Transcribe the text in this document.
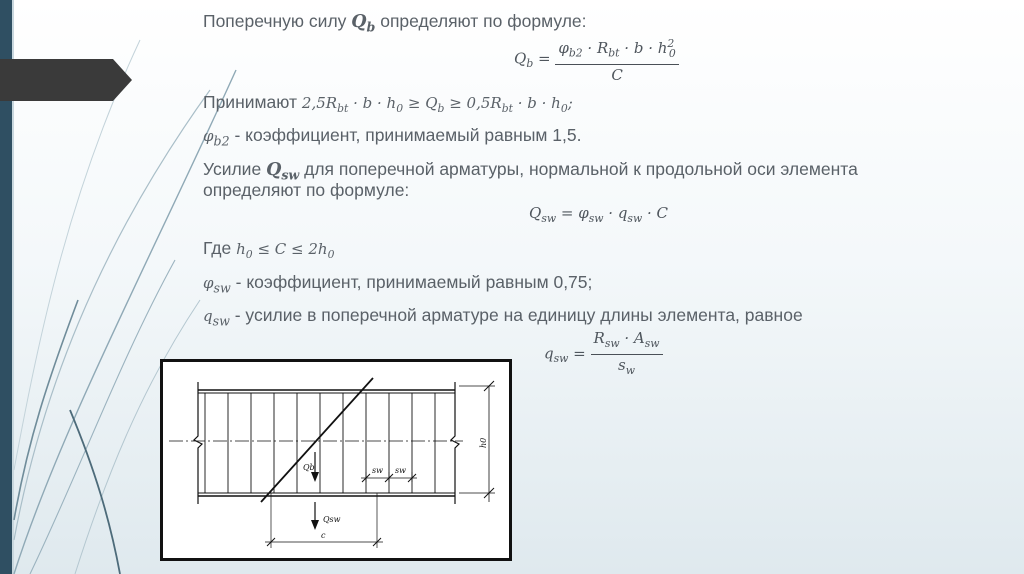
Поперечную силу $Q_b$ определяют по формуле:
$Q_b = \frac{\varphi_{b2} \cdot R_{bt} \cdot b \cdot h^2_0}{C}$
Принимают $2,5R_{bt} \cdot b \cdot h_0 \ge Q_b \ge 0,5R_{bt} \cdot b \cdot h_0$;
$\varphi_{b2}$ - коэффициент, принимаемый равным 1,5.
Усилие $Q_{sw}$ для поперечной арматуры, нормальной к продольной оси элемента
определяют по формуле:
$Q_{sw} = \varphi_{sw} \cdot q_{sw} \cdot C$
Где $h_0 \le C \le 2h_0$
$\varphi_{sw}$ - коэффициент, принимаемый равным 0,75;
$q_{sw}$ - усилие в поперечной арматуре на единицу длины элемента, равное
$q_{sw} = \frac{R_{sw} \cdot A_{sw}}{s_w}$
h0
Qb
Qsw
sw sw
c
